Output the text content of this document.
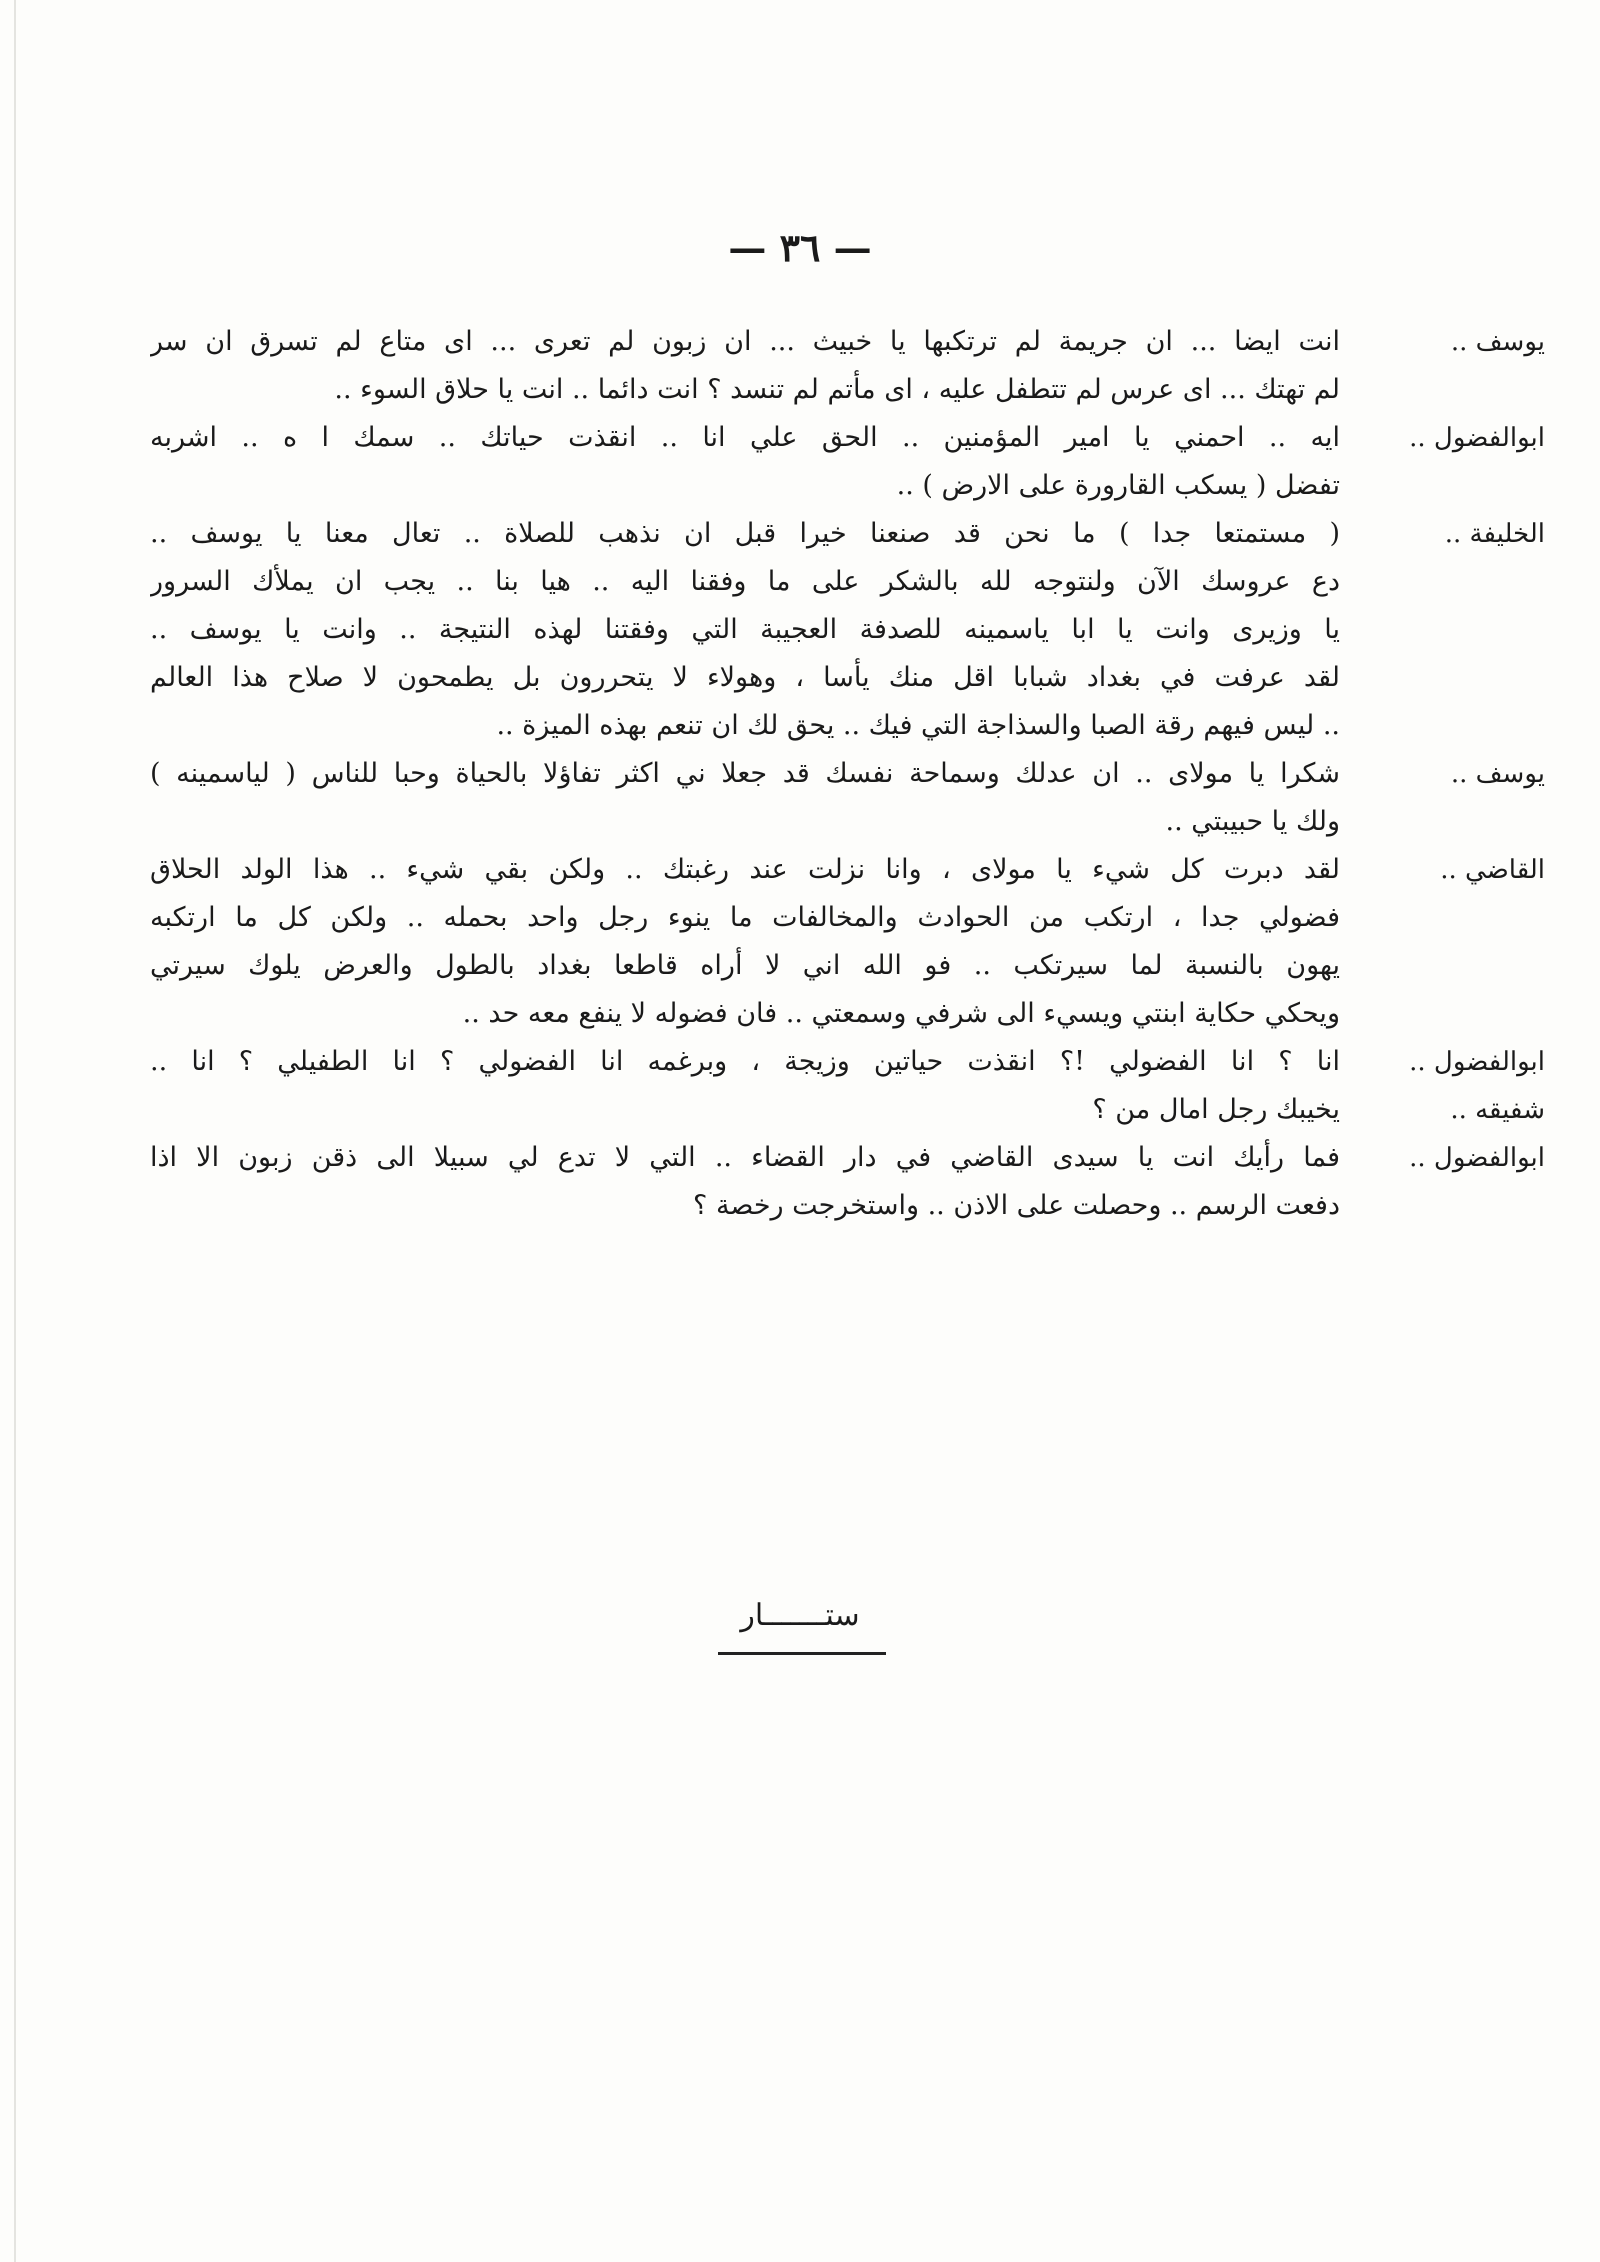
— ٣٦ —
يوسف ..
انت ايضا ... ان جريمة لم ترتكبها يا خبيث ... ان زبون لم تعرى ... اى متاع لم تسرق ان سر
لم تهتك ... اى عرس لم تتطفل عليه ، اى مأتم لم تنسد ؟ انت دائما .. انت يا حلاق السوء ..
ابوالفضول ..
ايه .. احمني يا امير المؤمنين .. الحق علي انا .. انقذت حياتك .. سمك ا ه .. اشربه
تفضل ( يسكب القارورة على الارض ) ..
الخليفة ..
( مستمتعا جدا ) ما نحن قد صنعنا خيرا قبل ان نذهب للصلاة .. تعال معنا يا يوسف ..
دع عروسك الآن ولنتوجه لله بالشكر على ما وفقنا اليه .. هيا بنا .. يجب ان يملأك السرور
يا وزيرى وانت يا ابا ياسمينه للصدفة العجيبة التي وفقتنا لهذه النتيجة .. وانت يا يوسف ..
لقد عرفت في بغداد شبابا اقل منك يأسا ، وهولاء لا يتحررون بل يطمحون لا صلاح هذا العالم
.. ليس فيهم رقة الصبا والسذاجة التي فيك .. يحق لك ان تنعم بهذه الميزة ..
يوسف ..
شكرا يا مولاى .. ان عدلك وسماحة نفسك قد جعلا ني اكثر تفاؤلا بالحياة وحبا للناس ( لياسمينه )
ولك يا حبيبتي ..
القاضي ..
لقد دبرت كل شيء يا مولاى ، وانا نزلت عند رغبتك .. ولكن بقي شيء .. هذا الولد الحلاق
فضولي جدا ، ارتكب من الحوادث والمخالفات ما ينوء رجل واحد بحمله .. ولكن كل ما ارتكبه
يهون بالنسبة لما سيرتكب .. فو الله اني لا أراه قاطعا بغداد بالطول والعرض يلوك سيرتي
ويحكي حكاية ابنتي ويسيء الى شرفي وسمعتي .. فان فضوله لا ينفع معه حد ..
ابوالفضول ..
انا ؟ انا الفضولي !؟ انقذت حياتين وزيجة ، وبرغمه انا الفضولي ؟ انا الطفيلي ؟ انا ..
شفيقه ..
يخيبك رجل امال من ؟
ابوالفضول ..
فما رأيك انت يا سيدى القاضي في دار القضاء .. التي لا تدع لي سبيلا الى ذقن زبون الا اذا
دفعت الرسم .. وحصلت على الاذن .. واستخرجت رخصة ؟
ستـــــــار
